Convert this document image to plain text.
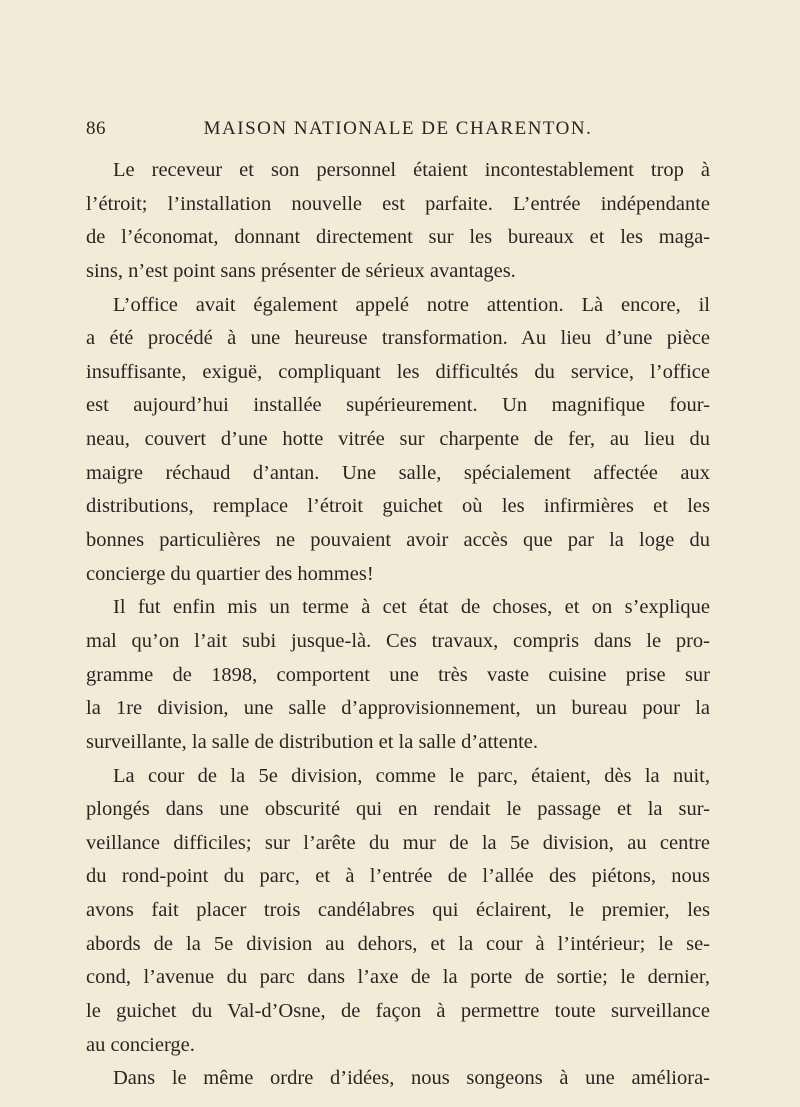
86	MAISON NATIONALE DE CHARENTON.
Le receveur et son personnel étaient incontestablement trop à
l’étroit; l’installation nouvelle est parfaite. L’entrée indépendante
de l’économat, donnant directement sur les bureaux et les maga-
sins, n’est point sans présenter de sérieux avantages.
L’office avait également appelé notre attention. Là encore, il
a été procédé à une heureuse transformation. Au lieu d’une pièce
insuffisante, exiguë, compliquant les difficultés du service, l’office
est aujourd’hui installée supérieurement. Un magnifique four-
neau, couvert d’une hotte vitrée sur charpente de fer, au lieu du
maigre réchaud d’antan. Une salle, spécialement affectée aux
distributions, remplace l’étroit guichet où les infirmières et les
bonnes particulières ne pouvaient avoir accès que par la loge du
concierge du quartier des hommes!
Il fut enfin mis un terme à cet état de choses, et on s’explique
mal qu’on l’ait subi jusque-là. Ces travaux, compris dans le pro-
gramme de 1898, comportent une très vaste cuisine prise sur
la 1re division, une salle d’approvisionnement, un bureau pour la
surveillante, la salle de distribution et la salle d’attente.
La cour de la 5e division, comme le parc, étaient, dès la nuit,
plongés dans une obscurité qui en rendait le passage et la sur-
veillance difficiles; sur l’arête du mur de la 5e division, au centre
du rond-point du parc, et à l’entrée de l’allée des piétons, nous
avons fait placer trois candélabres qui éclairent, le premier, les
abords de la 5e division au dehors, et la cour à l’intérieur; le se-
cond, l’avenue du parc dans l’axe de la porte de sortie; le dernier,
le guichet du Val-d’Osne, de façon à permettre toute surveillance
au concierge.
Dans le même ordre d’idées, nous songeons à une améliora-
